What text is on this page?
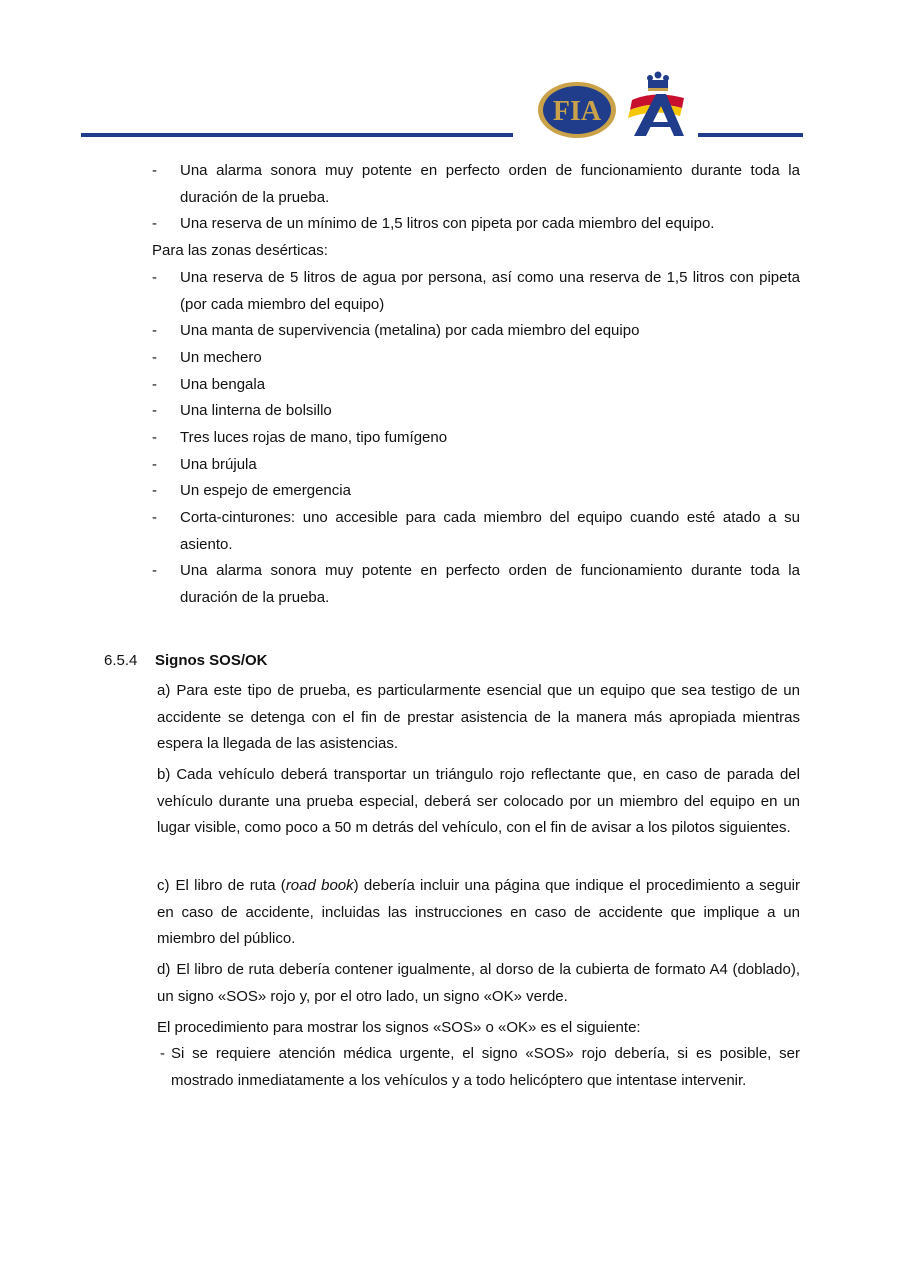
FIA
- Una alarma sonora muy potente en perfecto orden de funcionamiento durante toda la duración de la prueba.
- Una reserva de un mínimo de 1,5 litros con pipeta por cada miembro del equipo.
Para las zonas desérticas:
- Una reserva de 5 litros de agua por persona, así como una reserva de 1,5 litros con pipeta (por cada miembro del equipo)
- Una manta de supervivencia (metalina) por cada miembro del equipo
- Un mechero
- Una bengala
- Una linterna de bolsillo
- Tres luces rojas de mano, tipo fumígeno
- Una brújula
- Un espejo de emergencia
- Corta-cinturones: uno accesible para cada miembro del equipo cuando esté atado a su asiento.
- Una alarma sonora muy potente en perfecto orden de funcionamiento durante toda la duración de la prueba.
6.5.4 Signos SOS/OK
a) Para este tipo de prueba, es particularmente esencial que un equipo que sea testigo de un accidente se detenga con el fin de prestar asistencia de la manera más apropiada mientras espera la llegada de las asistencias.
b) Cada vehículo deberá transportar un triángulo rojo reflectante que, en caso de parada del vehículo durante una prueba especial, deberá ser colocado por un miembro del equipo en un lugar visible, como poco a 50 m detrás del vehículo, con el fin de avisar a los pilotos siguientes.
c) El libro de ruta (road book) debería incluir una página que indique el procedimiento a seguir en caso de accidente, incluidas las instrucciones en caso de accidente que implique a un miembro del público.
d) El libro de ruta debería contener igualmente, al dorso de la cubierta de formato A4 (doblado), un signo «SOS» rojo y, por el otro lado, un signo «OK» verde.
El procedimiento para mostrar los signos «SOS» o «OK» es el siguiente:
- Si se requiere atención médica urgente, el signo «SOS» rojo debería, si es posible, ser mostrado inmediatamente a los vehículos y a todo helicóptero que intentase intervenir.
